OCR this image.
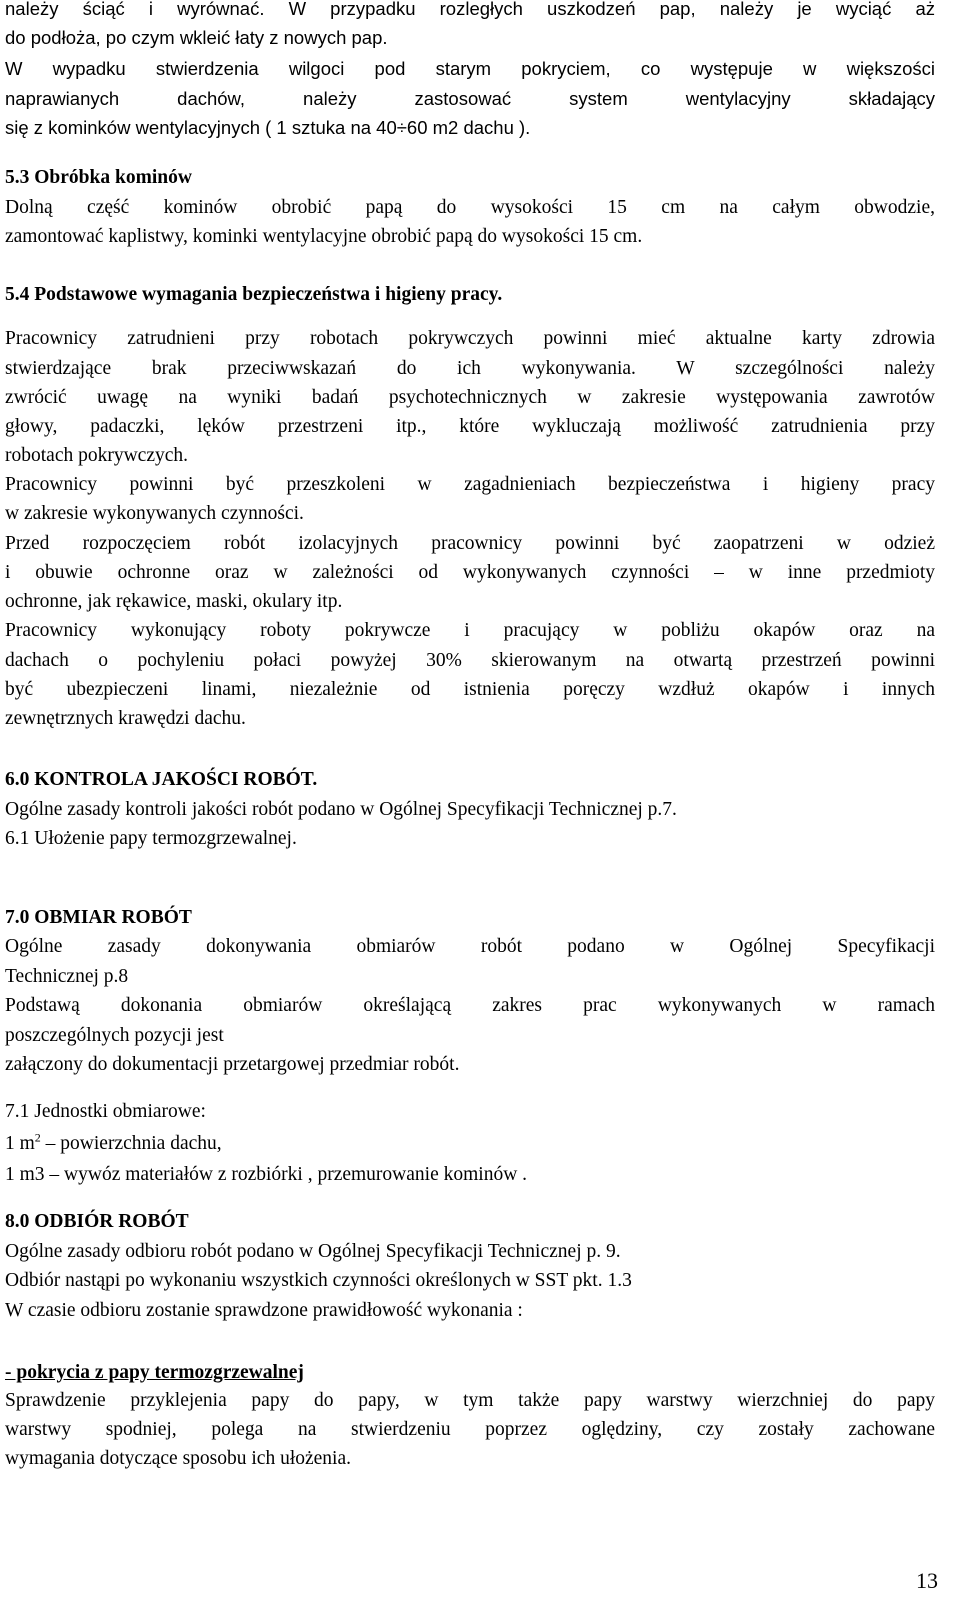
należy ściąć i wyrównać. W przypadku rozległych uszkodzeń pap, należy je wyciąć aż
do podłoża, po czym wkleić łaty z nowych pap.
W wypadku stwierdzenia wilgoci pod starym pokryciem, co występuje w większości
naprawianych dachów, należy zastosować system wentylacyjny składający
się z kominków wentylacyjnych ( 1 sztuka na 40÷60 m2 dachu ).
5.3 Obróbka kominów
Dolną część kominów obrobić papą do wysokości 15 cm na całym obwodzie,
zamontować kaplistwy, kominki wentylacyjne obrobić papą do wysokości 15 cm.
5.4 Podstawowe wymagania bezpieczeństwa i higieny pracy.
Pracownicy zatrudnieni przy robotach pokrywczych powinni mieć aktualne karty zdrowia
stwierdzające brak przeciwwskazań do ich wykonywania. W szczególności należy
zwrócić uwagę na wyniki badań psychotechnicznych w zakresie występowania zawrotów
głowy, padaczki, lęków przestrzeni itp., które wykluczają możliwość zatrudnienia przy
robotach pokrywczych.
Pracownicy powinni być przeszkoleni w zagadnieniach bezpieczeństwa i higieny pracy
w zakresie wykonywanych czynności.
Przed rozpoczęciem robót izolacyjnych pracownicy powinni być zaopatrzeni w odzież
i obuwie ochronne oraz w zależności od wykonywanych czynności – w inne przedmioty
ochronne, jak rękawice, maski, okulary itp.
Pracownicy wykonujący roboty pokrywcze i pracujący w pobliżu okapów oraz na
dachach o pochyleniu połaci powyżej 30% skierowanym na otwartą przestrzeń powinni
być ubezpieczeni linami, niezależnie od istnienia poręczy wzdłuż okapów i innych
zewnętrznych krawędzi dachu.
6.0 KONTROLA JAKOŚCI ROBÓT.
Ogólne zasady kontroli jakości robót podano w Ogólnej Specyfikacji Technicznej p.7.
6.1 Ułożenie papy termozgrzewalnej.
7.0 OBMIAR ROBÓT
Ogólne zasady dokonywania obmiarów robót podano w Ogólnej Specyfikacji
Technicznej p.8
Podstawą dokonania obmiarów określającą zakres prac wykonywanych w ramach
poszczególnych pozycji jest
załączony do dokumentacji przetargowej przedmiar robót.
7.1 Jednostki obmiarowe:
1 $m^2$ – powierzchnia dachu,
1 m3 – wywóz materiałów z rozbiórki , przemurowanie kominów .
8.0 ODBIÓR ROBÓT
Ogólne zasady odbioru robót podano w Ogólnej Specyfikacji Technicznej p. 9.
Odbiór nastąpi po wykonaniu wszystkich czynności określonych w SST pkt. 1.3
W czasie odbioru zostanie sprawdzone prawidłowość wykonania :
- pokrycia z papy termozgrzewalnej
Sprawdzenie przyklejenia papy do papy, w tym także papy warstwy wierzchniej do papy
warstwy spodniej, polega na stwierdzeniu poprzez oględziny, czy zostały zachowane
wymagania dotyczące sposobu ich ułożenia.
13
